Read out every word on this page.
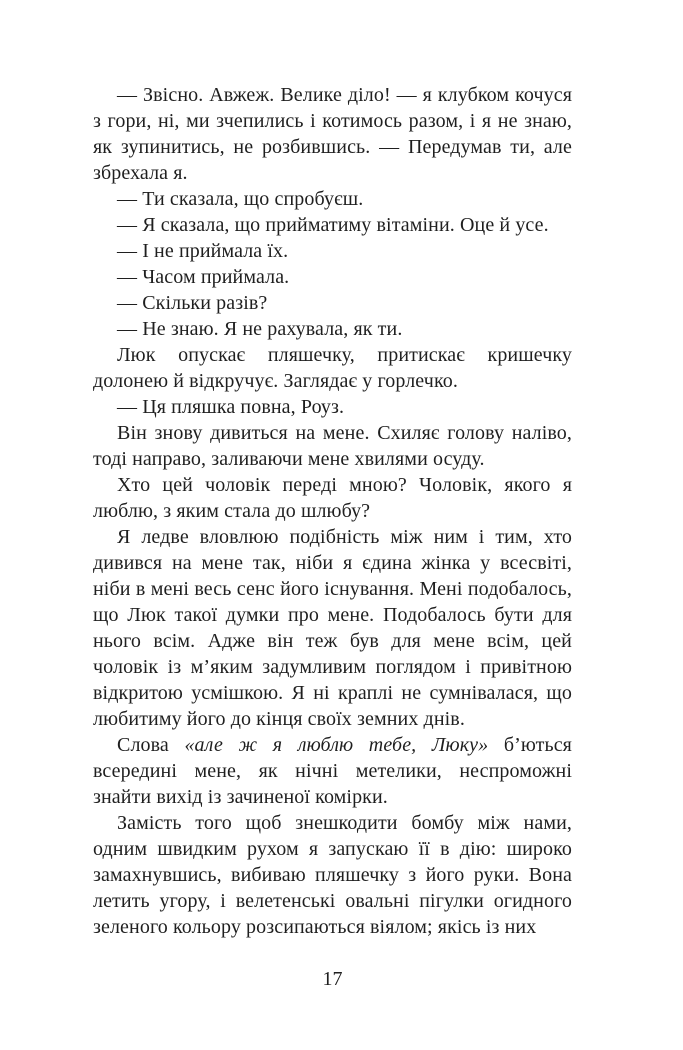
— Звісно. Авжеж. Велике діло! — я клубком кочуся з гори, ні, ми зчепились і котимось разом, і я не знаю, як зупинитись, не розбившись. — Передумав ти, але збрехала я.

— Ти сказала, що спробуєш.

— Я сказала, що прийматиму вітаміни. Оце й усе.

— І не приймала їх.

— Часом приймала.

— Скільки разів?

— Не знаю. Я не рахувала, як ти.

Люк опускає пляшечку, притискає кришечку долонею й відкручує. Заглядає у горлечко.

— Ця пляшка повна, Роуз.

Він знову дивиться на мене. Схиляє голову наліво, тоді направо, заливаючи мене хвилями осуду.

Хто цей чоловік переді мною? Чоловік, якого я люблю, з яким стала до шлюбу?

Я ледве вловлюю подібність між ним і тим, хто дивився на мене так, ніби я єдина жінка у всесвіті, ніби в мені весь сенс його існування. Мені подобалось, що Люк такої думки про мене. Подобалось бути для нього всім. Адже він теж був для мене всім, цей чоловік із м’яким задумливим поглядом і привітною відкритою усмішкою. Я ні краплі не сумнівалася, що любитиму його до кінця своїх земних днів.

Слова «але ж я люблю тебе, Люку» б’ються всередині мене, як нічні метелики, неспроможні знайти вихід із зачиненої комірки.

Замість того щоб знешкодити бомбу між нами, одним швидким рухом я запускаю її в дію: широко замахнувшись, вибиваю пляшечку з його руки. Вона летить угору, і велетенські овальні пігулки огидного зеленого кольору розсипаються віялом; якісь із них

17
